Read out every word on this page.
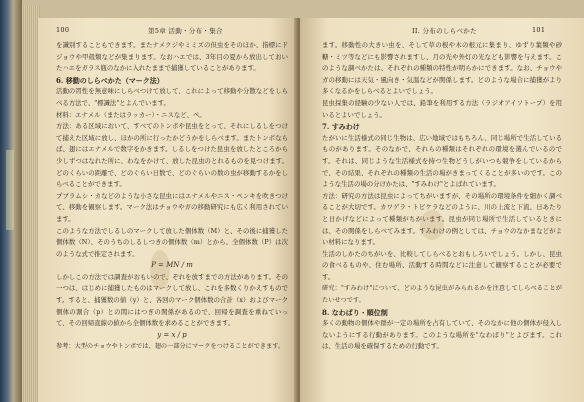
100	第5章 活動・分布・集合

を識別することもできます。またナメクジやミミズの但虫をそのほか、指標にドジョウや甲殻類などが集まります。なおハエでは、3年目の夏から放出しておいたハエをガラス瓶のなかに入れたままで捕獲していることがあります。

6. 移動のしらべかた（マーク法）

活動の習性を無意味にしらべつけて放して、これによって移動や分散などをしらべる方法で、"標識法"とよんでいます。

材料：エナメル（またはラッカー）・ニスなど、ペ。

方法：ある区域において、すべてのトンボや昆虫をとって、それにしるしをつけて捕えた区域に放し、ほかの所に行ったかどうかをしらべます。またトンボならば、翅にはエナメルで数字をかきます。しるしをつけた昆虫を放したところから少しずつはなれた所に、わなをかけて、放した昆虫のとれるものを見つけます。どのくらいの距離で、どのぐらい日数で、どのぐらいの数の虫が移動するかをしらべることができます。

プブラムシ・カなどのような小さな昆虫にはエナメルやニス・ペンキを吹きつけて、移動を観察します。マーク法はチョウやガの移動研究にも広く利用されています。

このような方法でしるしのマークして放した個体数（M）と、その後に捕獲した個体数（N）、そのうちのしるしつきの個体数（m）とから、全個体数（P）は次のような式で推定されます。

P = MN / m

しかしこの方法では調査がおもいので、ぞれを放すまでの方法があります。その一つは、はじめに捕獲したものはマークして放し、これを多数くりかえすものです。すると、捕獲数の値（y）と、各回のマーク個体数の合計（x）およびマーク個体の割合（p）との間にはつぎの関係があるので、回帰を調査を重ねていって、その回帰直線の値から全個体数を求めることができます。

y = x / p

参考：大型のチョウやトンボでは、翅の一部分にマークをつけることができます。

II. 分布のしらべかた	101

ます。移動性の大きい虫を、そして草の根や木の根元に集まり、ゆずり葉類や砂糖・ミツ等などにも影響されますし、月の光や外灯の光なども影響を与えます。このような調べかたは、それぞれの種類の特性が明らかにできます。なお、チョウやガの移動には天気・風向き・気温などが関係します。どのような場合に捕獲がより多くなるかをしらべるとよいでしょう。

昆虫採集の経験の少ない人では、鉛筆を利用する方法（ラジオアイソトープ）を用いるとよいでしょう。

7. すみわけ

たがいに生活様式の同じ生物は、広い地域ではもちろん、同じ場所で生活しているものがあります。そのなかで、それらの種類はそれぞれの環境を選んでいるのです。それは、同じような生活様式を持つ生物どうしがいつも競争をしているからで、その結果、それぞれの種類の生活の場がきまってくることが多いのです。このような生活の場の分けかたは、"すみわけ"とよばれています。

方法：研究の方法は昆虫によってちがいますが、その場所の環境条件を細かく調べることが大切です。カワゲラ・トビケラなどのように、川の上流と下流、日あたりと日かげなどによって種類がちがいます。昆虫が同じ場所で生活しているときには、その関係をしらべてみます。すみわけの例としては、チョウのなかまなどがよい材料になります。

生活のしかたのちがいを、比較してしらべるとおもしろいでしょう。しかし、昆虫の食べるものや、住む場所、活動する時間などに注意して観察することが必要です。

研究："すみわけ"について、どのような昆虫がみられるかを注意してしらべることがたいせつです。

8. なわばり・順位制

多くの動物の個体や群が一定の場所を占有していて、そのなかに他の個体が侵入しないようにする行動があります。このような場所を"なわばり"とよびます。これは、生活の場を確保するための行動です。
